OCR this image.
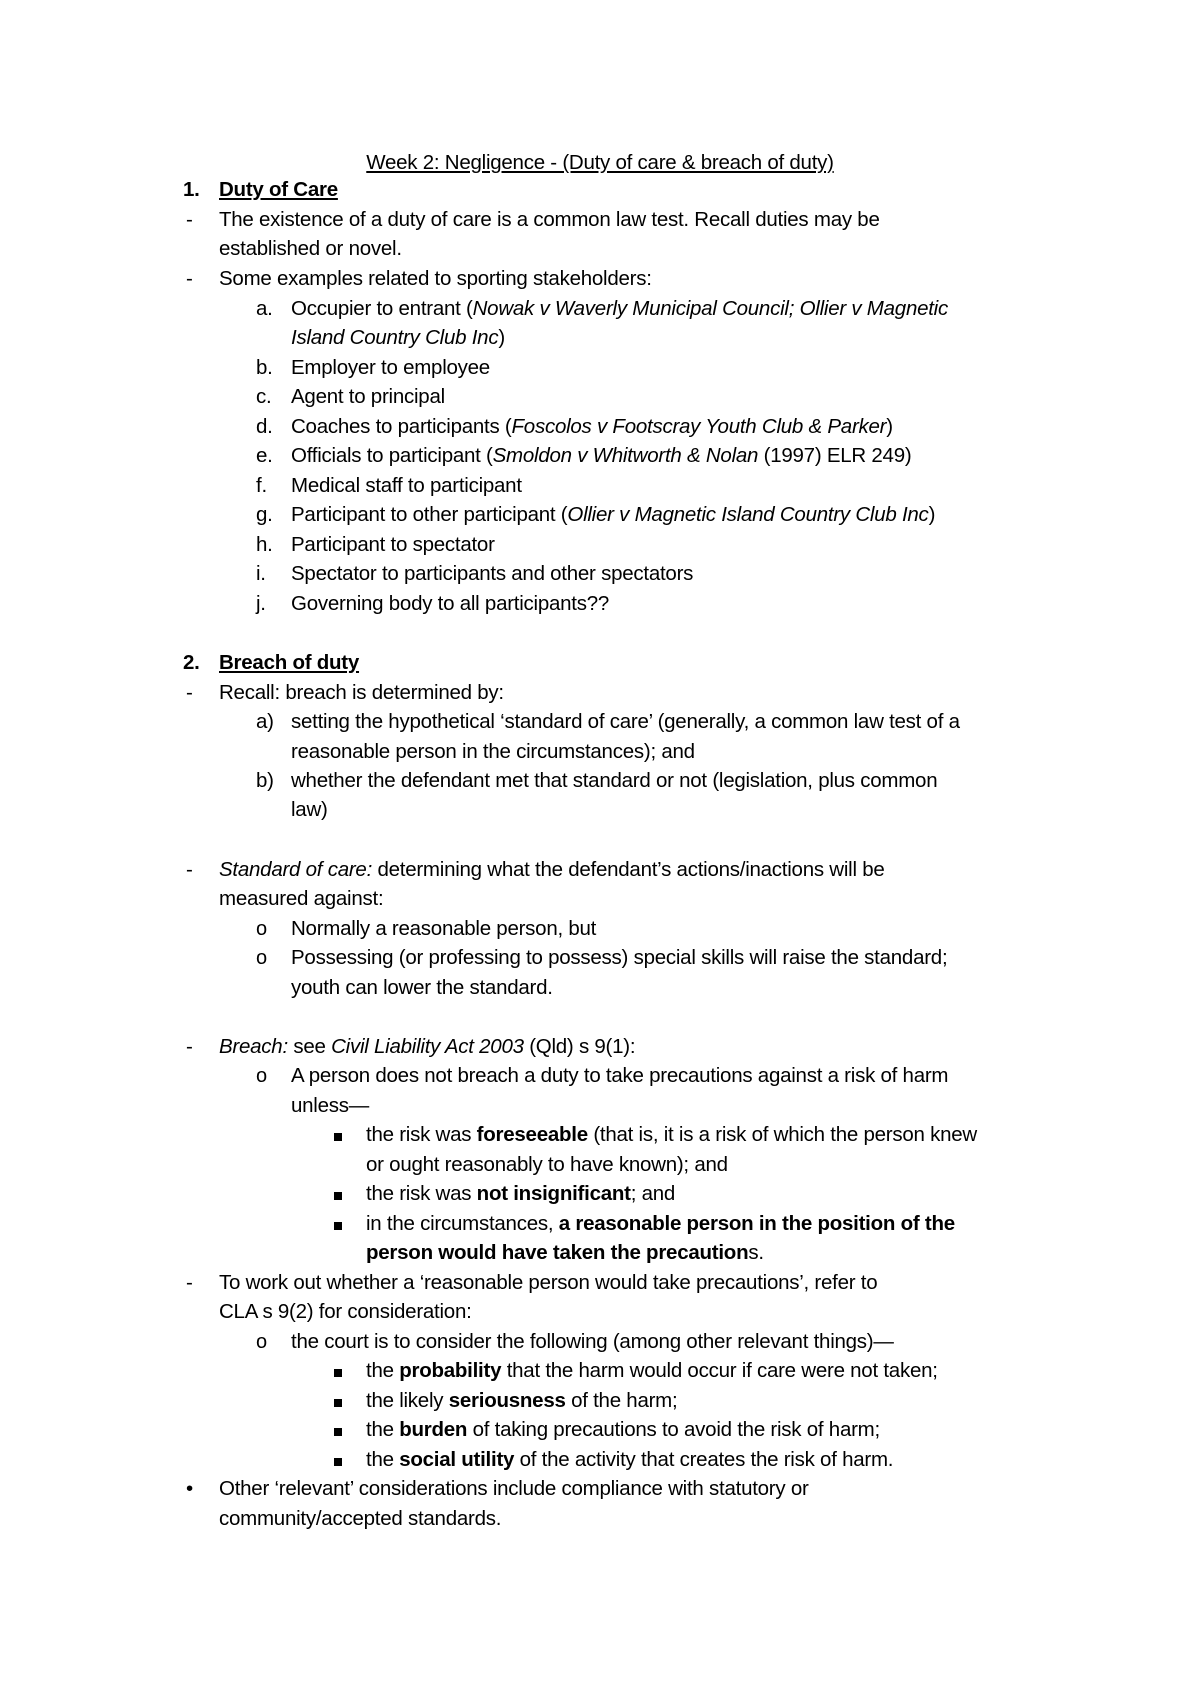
Week 2: Negligence - (Duty of care & breach of duty)
1. Duty of Care
- The existence of a duty of care is a common law test. Recall duties may be
established or novel.
- Some examples related to sporting stakeholders:
a. Occupier to entrant (Nowak v Waverly Municipal Council; Ollier v Magnetic
Island Country Club Inc)
b. Employer to employee
c. Agent to principal
d. Coaches to participants (Foscolos v Footscray Youth Club & Parker)
e. Officials to participant (Smoldon v Whitworth & Nolan (1997) ELR 249)
f. Medical staff to participant
g. Participant to other participant (Ollier v Magnetic Island Country Club Inc)
h. Participant to spectator
i. Spectator to participants and other spectators
j. Governing body to all participants??
2. Breach of duty
- Recall: breach is determined by:
a) setting the hypothetical ‘standard of care’ (generally, a common law test of a
reasonable person in the circumstances); and
b) whether the defendant met that standard or not (legislation, plus common
law)
- Standard of care: determining what the defendant’s actions/inactions will be
measured against:
o Normally a reasonable person, but
o Possessing (or professing to possess) special skills will raise the standard;
youth can lower the standard.
- Breach: see Civil Liability Act 2003 (Qld) s 9(1):
o A person does not breach a duty to take precautions against a risk of harm
unless—
the risk was foreseeable (that is, it is a risk of which the person knew
or ought reasonably to have known); and
the risk was not insignificant; and
in the circumstances, a reasonable person in the position of the
person would have taken the precautions.
- To work out whether a ‘reasonable person would take precautions’, refer to
CLA s 9(2) for consideration:
o the court is to consider the following (among other relevant things)—
the probability that the harm would occur if care were not taken;
the likely seriousness of the harm;
the burden of taking precautions to avoid the risk of harm;
the social utility of the activity that creates the risk of harm.
• Other ‘relevant’ considerations include compliance with statutory or
community/accepted standards.
